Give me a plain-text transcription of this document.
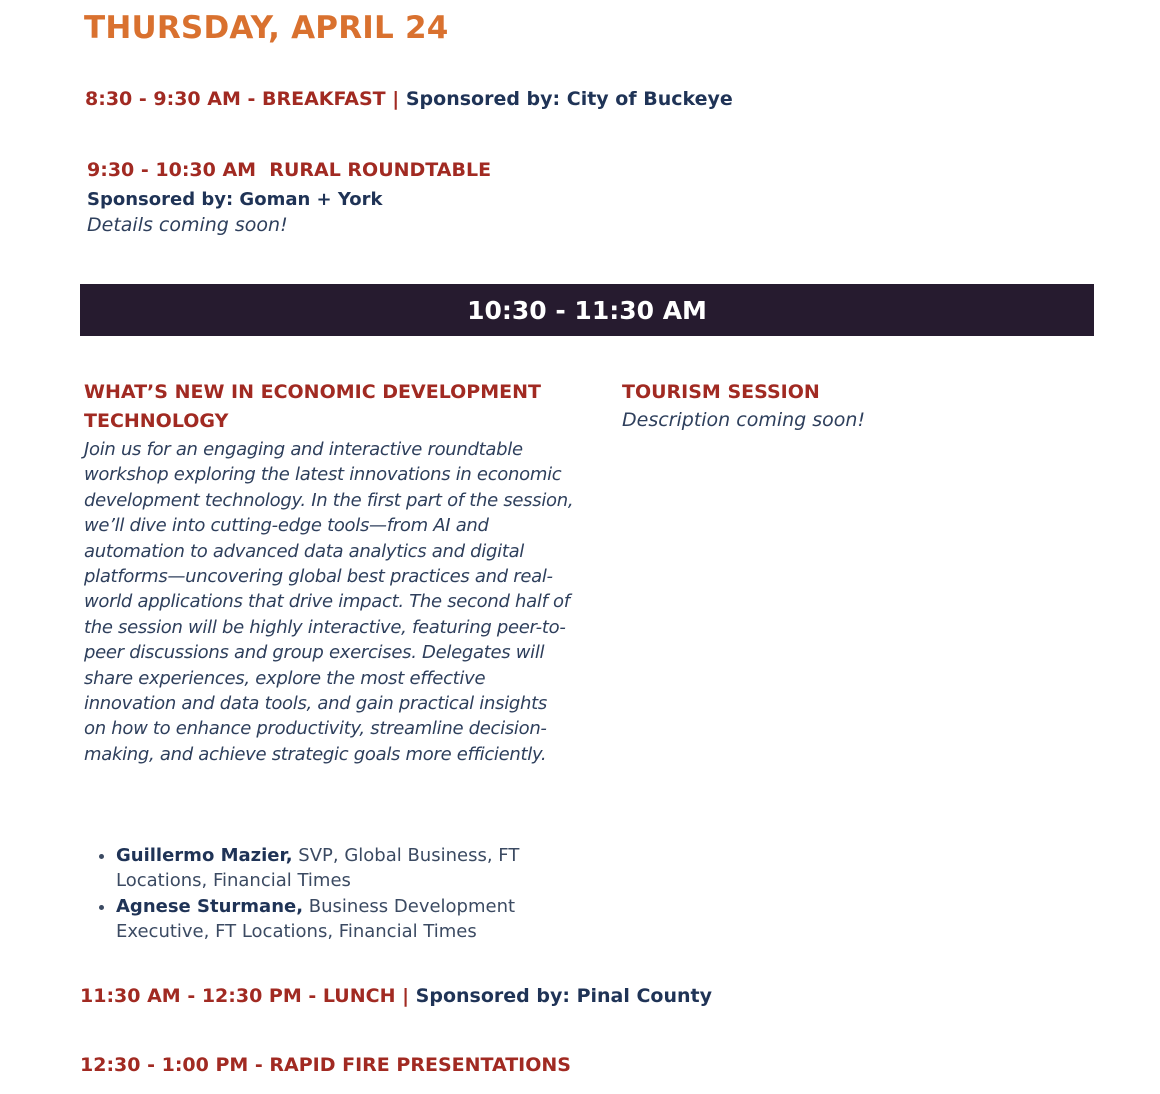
THURSDAY, APRIL 24
8:30 - 9:30 AM - BREAKFAST | Sponsored by: City of Buckeye
9:30 - 10:30 AM  RURAL ROUNDTABLE
Sponsored by: Goman + York
Details coming soon!
10:30 - 11:30 AM
WHAT’S NEW IN ECONOMIC DEVELOPMENT
TECHNOLOGY
Join us for an engaging and interactive roundtable workshop exploring the latest innovations in economic development technology. In the first part of the session, we’ll dive into cutting-edge tools—from AI and automation to advanced data analytics and digital platforms—uncovering global best practices and real-world applications that drive impact. The second half of the session will be highly interactive, featuring peer-to-peer discussions and group exercises. Delegates will share experiences, explore the most effective innovation and data tools, and gain practical insights on how to enhance productivity, streamline decision-making, and achieve strategic goals more efficiently.
• Guillermo Mazier, SVP, Global Business, FT Locations, Financial Times
• Agnese Sturmane, Business Development Executive, FT Locations, Financial Times
TOURISM SESSION
Description coming soon!
11:30 AM - 12:30 PM - LUNCH | Sponsored by: Pinal County
12:30 - 1:00 PM - RAPID FIRE PRESENTATIONS
